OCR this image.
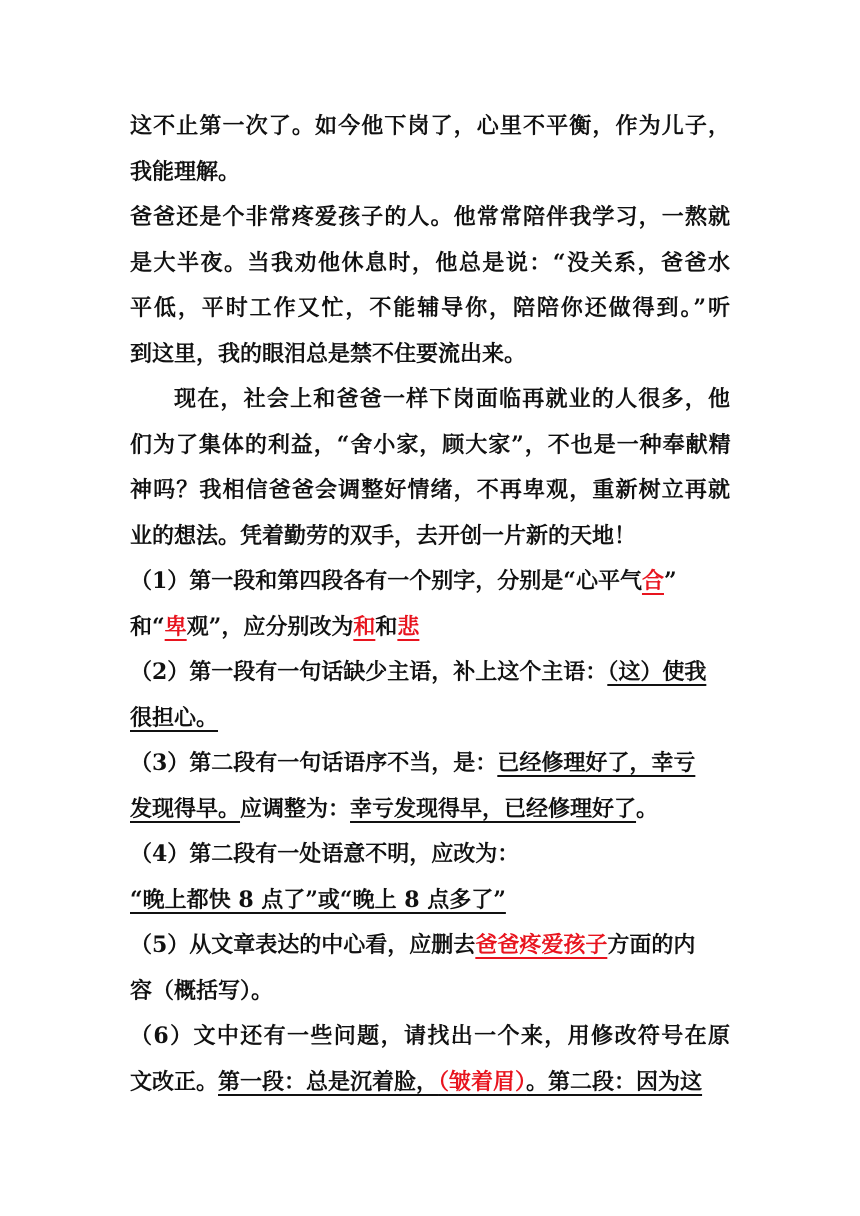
这不止第一次了。如今他下岗了，心里不平衡，作为儿子，
我能理解。
爸爸还是个非常疼爱孩子的人。他常常陪伴我学习，一熬就
是大半夜。当我劝他休息时，他总是说：“没关系，爸爸水
平低，平时工作又忙，不能辅导你，陪陪你还做得到。”听
到这里，我的眼泪总是禁不住要流出来。
现在，社会上和爸爸一样下岗面临再就业的人很多，他
们为了集体的利益，“舍小家，顾大家”，不也是一种奉献精
神吗？我相信爸爸会调整好情绪，不再卑观，重新树立再就
业的想法。凭着勤劳的双手，去开创一片新的天地！
（1）第一段和第四段各有一个别字，分别是“心平气合”
和“卑观”，应分别改为和和悲
（2）第一段有一句话缺少主语，补上这个主语：（这）使我
很担心。
（3）第二段有一句话语序不当，是：已经修理好了，幸亏
发现得早。应调整为：幸亏发现得早，已经修理好了。
（4）第二段有一处语意不明，应改为：
“晚上都快 8 点了”或“晚上 8 点多了”
（5）从文章表达的中心看，应删去爸爸疼爱孩子方面的内
容（概括写）。
（6）文中还有一些问题，请找出一个来，用修改符号在原
文改正。第一段：总是沉着脸，（皱着眉）。第二段：因为这
